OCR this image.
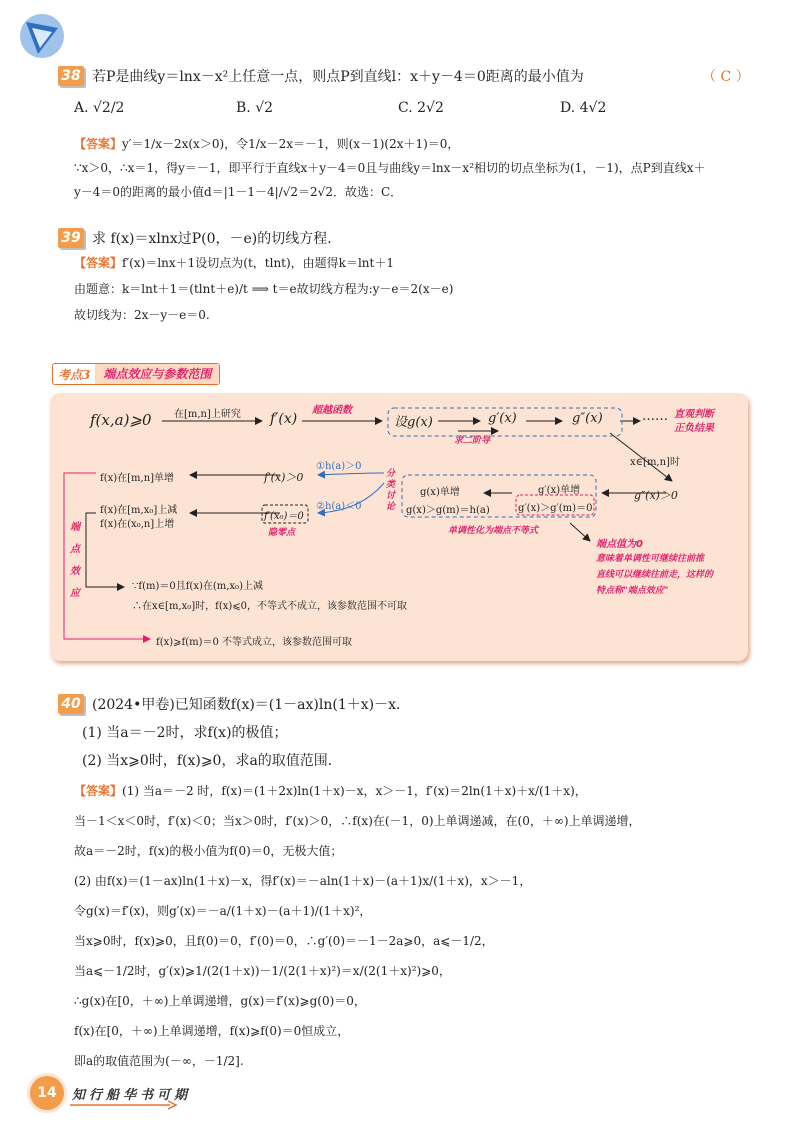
38 若P是曲线y＝lnx－x²上任意一点，则点P到直线l：x＋y－4＝0距离的最小值为	（ C ）
A. √2/2	B. √2	C. 2√2	D. 4√2
【答案】y′＝1/x－2x(x＞0)，令1/x－2x＝－1，则(x－1)(2x＋1)＝0，
∵x＞0，∴x＝1，得y＝－1，即平行于直线x＋y－4＝0且与曲线y＝lnx－x²相切的切点坐标为(1，－1)，点P到直线x＋
y－4＝0的距离的最小值d＝|1－1－4|/√2＝2√2．故选：C．
39 求 f(x)＝xlnx过P(0，－e)的切线方程．
【答案】f′(x)＝lnx＋1设切点为(t，tlnt)，由题得k＝lnt＋1
由题意：k＝lnt＋1＝(tlnt＋e)/t ⟹ t＝e故切线方程为:y－e＝2(x－e)
故切线为：2x－y－e＝0.
考点3	端点效应与参数范围
f(x,a)⩾0 在[m,n]上研究 f′(x)
超越函数
设g(x)	g′(x)	g″(x)	…… 直观判断
正负结果
求二阶导
x∈[m,n]时
g″(x)＞0
①h(a)＞0
②h(a)＜0
f′(x)＞0
f′(x₀)＝0
隐零点
f(x)在[m,n]单增
f(x)在[m,x₀]上减
f(x)在(x₀,n]上增
分类讨论
g(x)单增
g(x)＞g(m)＝h(a)
g′(x)单增
g′(x)＞g′(m)＝0
单调性化为端点不等式
端点值为0
意味着单调性可继续往前推
直线可以继续往前走，这样的
特点称"端点效应"
端点效应
∵f(m)＝0且f(x)在(m,x₀)上减
∴在x∈[m,x₀]时，f(x)⩽0，不等式不成立，该参数范围不可取
f(x)⩾f(m)＝0 不等式成立，该参数范围可取
40 (2024•甲卷)已知函数f(x)＝(1－ax)ln(1＋x)－x．
(1) 当a＝－2时，求f(x)的极值；
(2) 当x⩾0时，f(x)⩾0，求a的取值范围．
【答案】(1) 当a＝－2 时，f(x)＝(1＋2x)ln(1＋x)－x，x＞－1，f′(x)＝2ln(1＋x)＋x/(1＋x)，
当－1＜x＜0时，f′(x)＜0；当x＞0时，f′(x)＞0，∴f(x)在(－1，0)上单调递减，在(0，＋∞)上单调递增，
故a＝－2时，f(x)的极小值为f(0)＝0，无极大值；
(2) 由f(x)＝(1－ax)ln(1＋x)－x，得f′(x)＝－aln(1＋x)－(a＋1)x/(1＋x)，x＞－1，
令g(x)＝f′(x)，则g′(x)＝－a/(1＋x)－(a＋1)/(1＋x)²，
当x⩾0时，f(x)⩾0，且f(0)＝0，f′(0)＝0，∴g′(0)＝－1－2a⩾0，a⩽－1/2，
当a⩽－1/2时，g′(x)⩾1/(2(1＋x))－1/(2(1＋x)²)＝x/(2(1＋x)²)⩾0，
∴g(x)在[0，＋∞)上单调递增，g(x)＝f′(x)⩾g(0)＝0，
f(x)在[0，＋∞)上单调递增，f(x)⩾f(0)＝0恒成立，
即a的取值范围为(－∞，－1/2].
14	知行船华书可期
